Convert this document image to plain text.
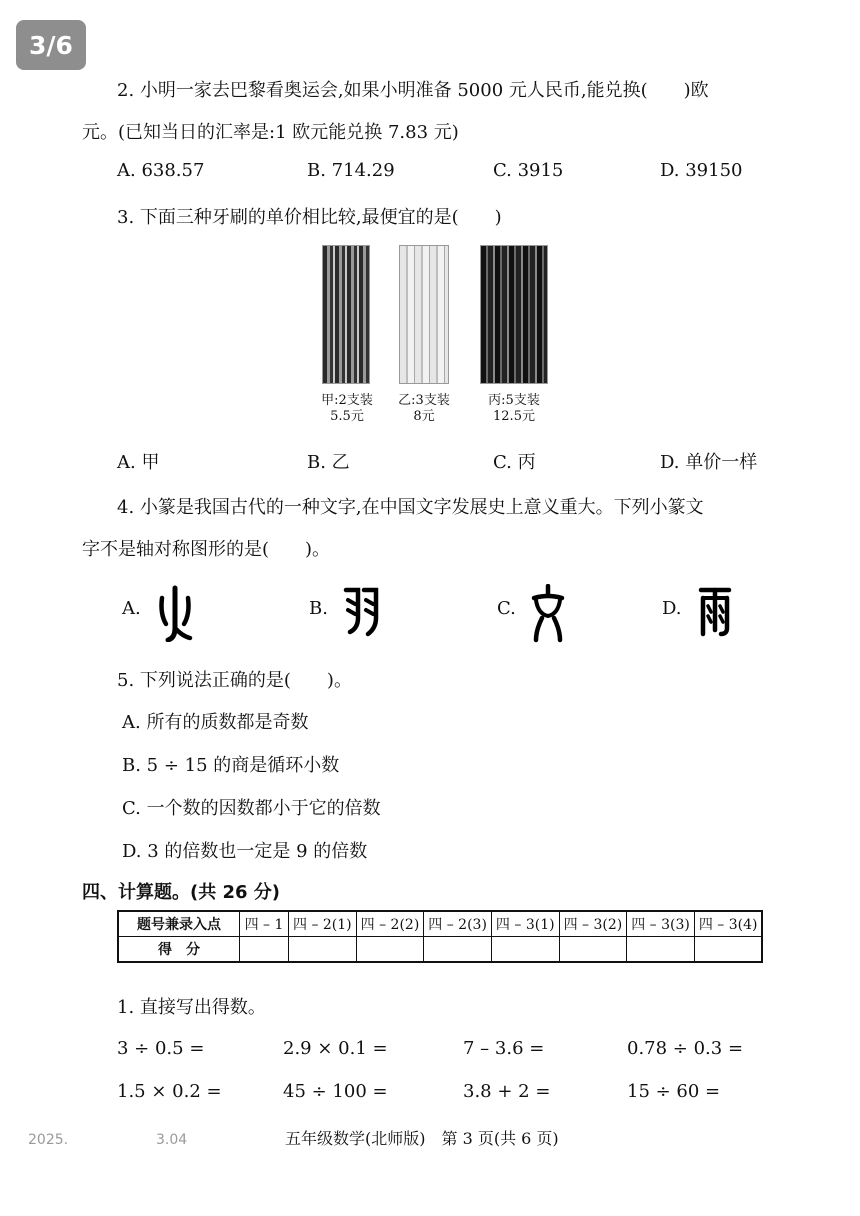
3/6
2. 小明一家去巴黎看奥运会,如果小明准备 5000 元人民币,能兑换(　　)欧
元。(已知当日的汇率是:1 欧元能兑换 7.83 元)
A. 638.57	B. 714.29	C. 3915	D. 39150
3. 下面三种牙刷的单价相比较,最便宜的是(　　)
甲:2支装
5.5元
乙:3支装
8元
丙:5支装
12.5元
A. 甲	B. 乙	C. 丙	D. 单价一样
4. 小篆是我国古代的一种文字,在中国文字发展史上意义重大。下列小篆文
字不是轴对称图形的是(　　)。
A.	B.	C.	D.
5. 下列说法正确的是(　　)。
A. 所有的质数都是奇数
B. 5 ÷ 15 的商是循环小数
C. 一个数的因数都小于它的倍数
D. 3 的倍数也一定是 9 的倍数
四、计算题。(共 26 分)
题号兼录入点	四 – 1	四 – 2(1)	四 – 2(2)	四 – 2(3)	四 – 3(1)	四 – 3(2)	四 – 3(3)	四 – 3(4)
得　分								
1. 直接写出得数。
3 ÷ 0.5 =	2.9 × 0.1 =	7 – 3.6 =	0.78 ÷ 0.3 =
1.5 × 0.2 =	45 ÷ 100 =	3.8 + 2 =	15 ÷ 60 =
2025.	3.04	五年级数学(北师版)　第 3 页(共 6 页)
